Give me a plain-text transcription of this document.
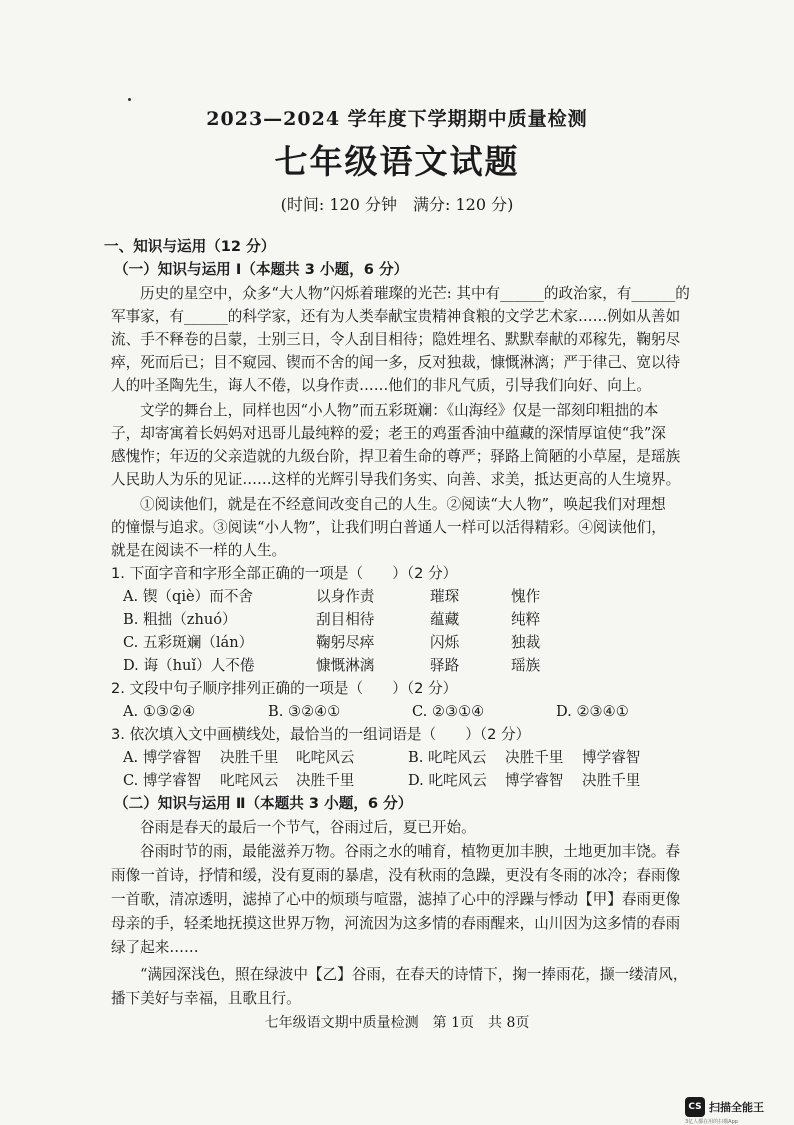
2023—2024 学年度下学期期中质量检测
七年级语文试题
(时间: 120 分钟　满分: 120 分)
一、知识与运用（12 分）
（一）知识与运用 Ⅰ（本题共 3 小题，6 分）
历史的星空中，众多“大人物”闪烁着璀璨的光芒: 其中有______的政治家，有______的
军事家，有______的科学家，还有为人类奉献宝贵精神食粮的文学艺术家……例如从善如
流、手不释卷的吕蒙，士别三日，令人刮目相待；隐姓埋名、默默奉献的邓稼先，鞠躬尽
瘁，死而后已；目不窥园、锲而不舍的闻一多，反对独裁，慷慨淋漓；严于律己、宽以待
人的叶圣陶先生，诲人不倦，以身作责……他们的非凡气质，引导我们向好、向上。
文学的舞台上，同样也因“小人物”而五彩斑斓：《山海经》仅是一部刻印粗拙的本
子，却寄寓着长妈妈对迅哥儿最纯粹的爱；老王的鸡蛋香油中蕴藏的深情厚谊使“我”深
感愧怍；年迈的父亲造就的九级台阶，捍卫着生命的尊严；驿路上简陋的小草屋，是瑶族
人民助人为乐的见证……这样的光辉引导我们务实、向善、求美，抵达更高的人生境界。
①阅读他们，就是在不经意间改变自己的人生。②阅读“大人物”，唤起我们对理想
的憧憬与追求。③阅读“小人物”，让我们明白普通人一样可以活得精彩。④阅读他们，
就是在阅读不一样的人生。
1. 下面字音和字形全部正确的一项是（　　）（2 分）
A. 锲（qiè）而不舍	以身作责	璀琛	愧作
B. 粗拙（zhuó）	刮目相待	蕴藏	纯粹
C. 五彩斑斓（lán）	鞠躬尽瘁	闪烁	独裁
D. 诲（huǐ）人不倦	慷慨淋漓	驿路	瑶族
2. 文段中句子顺序排列正确的一项是（　　）（2 分）
A. ①③②④	B. ③②④①	C. ②③①④	D. ②③④①
3. 依次填入文中画横线处，最恰当的一组词语是（　　）（2 分）
A. 博学睿智 决胜千里 叱咤风云	B. 叱咤风云 决胜千里 博学睿智
C. 博学睿智 叱咤风云 决胜千里	D. 叱咤风云 博学睿智 决胜千里
（二）知识与运用 Ⅱ（本题共 3 小题，6 分）
谷雨是春天的最后一个节气，谷雨过后，夏已开始。
谷雨时节的雨，最能滋养万物。谷雨之水的哺育，植物更加丰腴，土地更加丰饶。春
雨像一首诗，抒情和缓，没有夏雨的暴虐，没有秋雨的急躁，更没有冬雨的冰冷；春雨像
一首歌，清凉透明，滤掉了心中的烦琐与喧嚣，滤掉了心中的浮躁与悸动【甲】春雨更像
母亲的手，轻柔地抚摸这世界万物，河流因为这多情的春雨醒来，山川因为这多情的春雨
绿了起来……
“满园深浅色，照在绿波中【乙】谷雨，在春天的诗情下，掬一捧雨花，撷一缕清风，
播下美好与幸福，且歌且行。
七年级语文期中质量检测　第 1页　共 8页
CS 扫描全能王
3亿人都在用的扫描App
